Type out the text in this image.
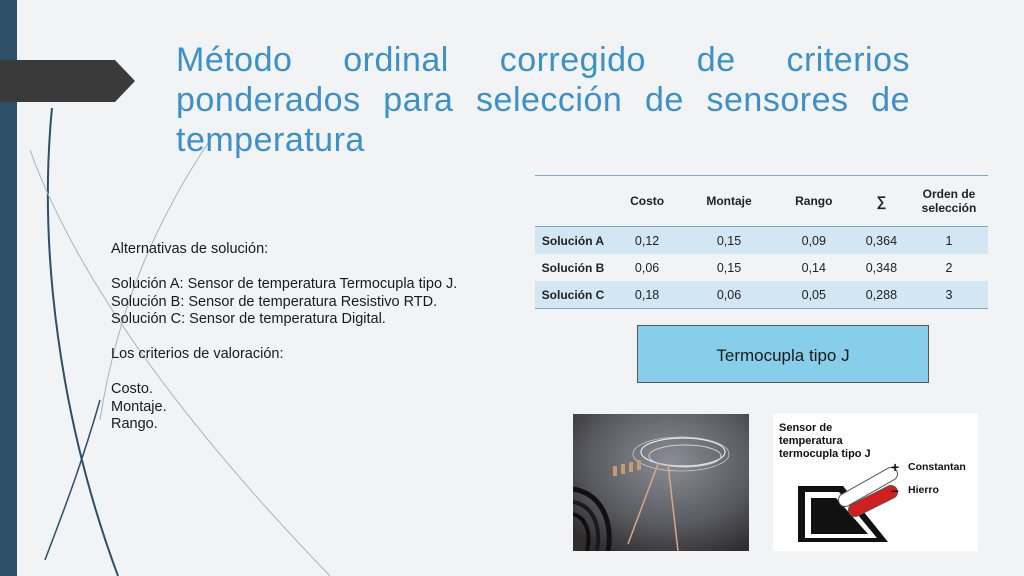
Método ordinal corregido de criterios ponderados para selección de sensores de temperatura

Alternativas de solución:

Solución A: Sensor de temperatura Termocupla tipo J.

Solución B: Sensor de temperatura Resistivo RTD.

Solución C: Sensor de temperatura Digital.

Los criterios de valoración:

Costo.

Montaje.

Rango.

	Costo	Montaje	Rango	∑	Orden de selección
Solución A	0,12	0,15	0,09	0,364	1
Solución B	0,06	0,15	0,14	0,348	2
Solución C	0,18	0,06	0,05	0,288	3
Termocupla tipo J
Sensor de temperatura termocupla tipo J
+
–
Constantan
Hierro
